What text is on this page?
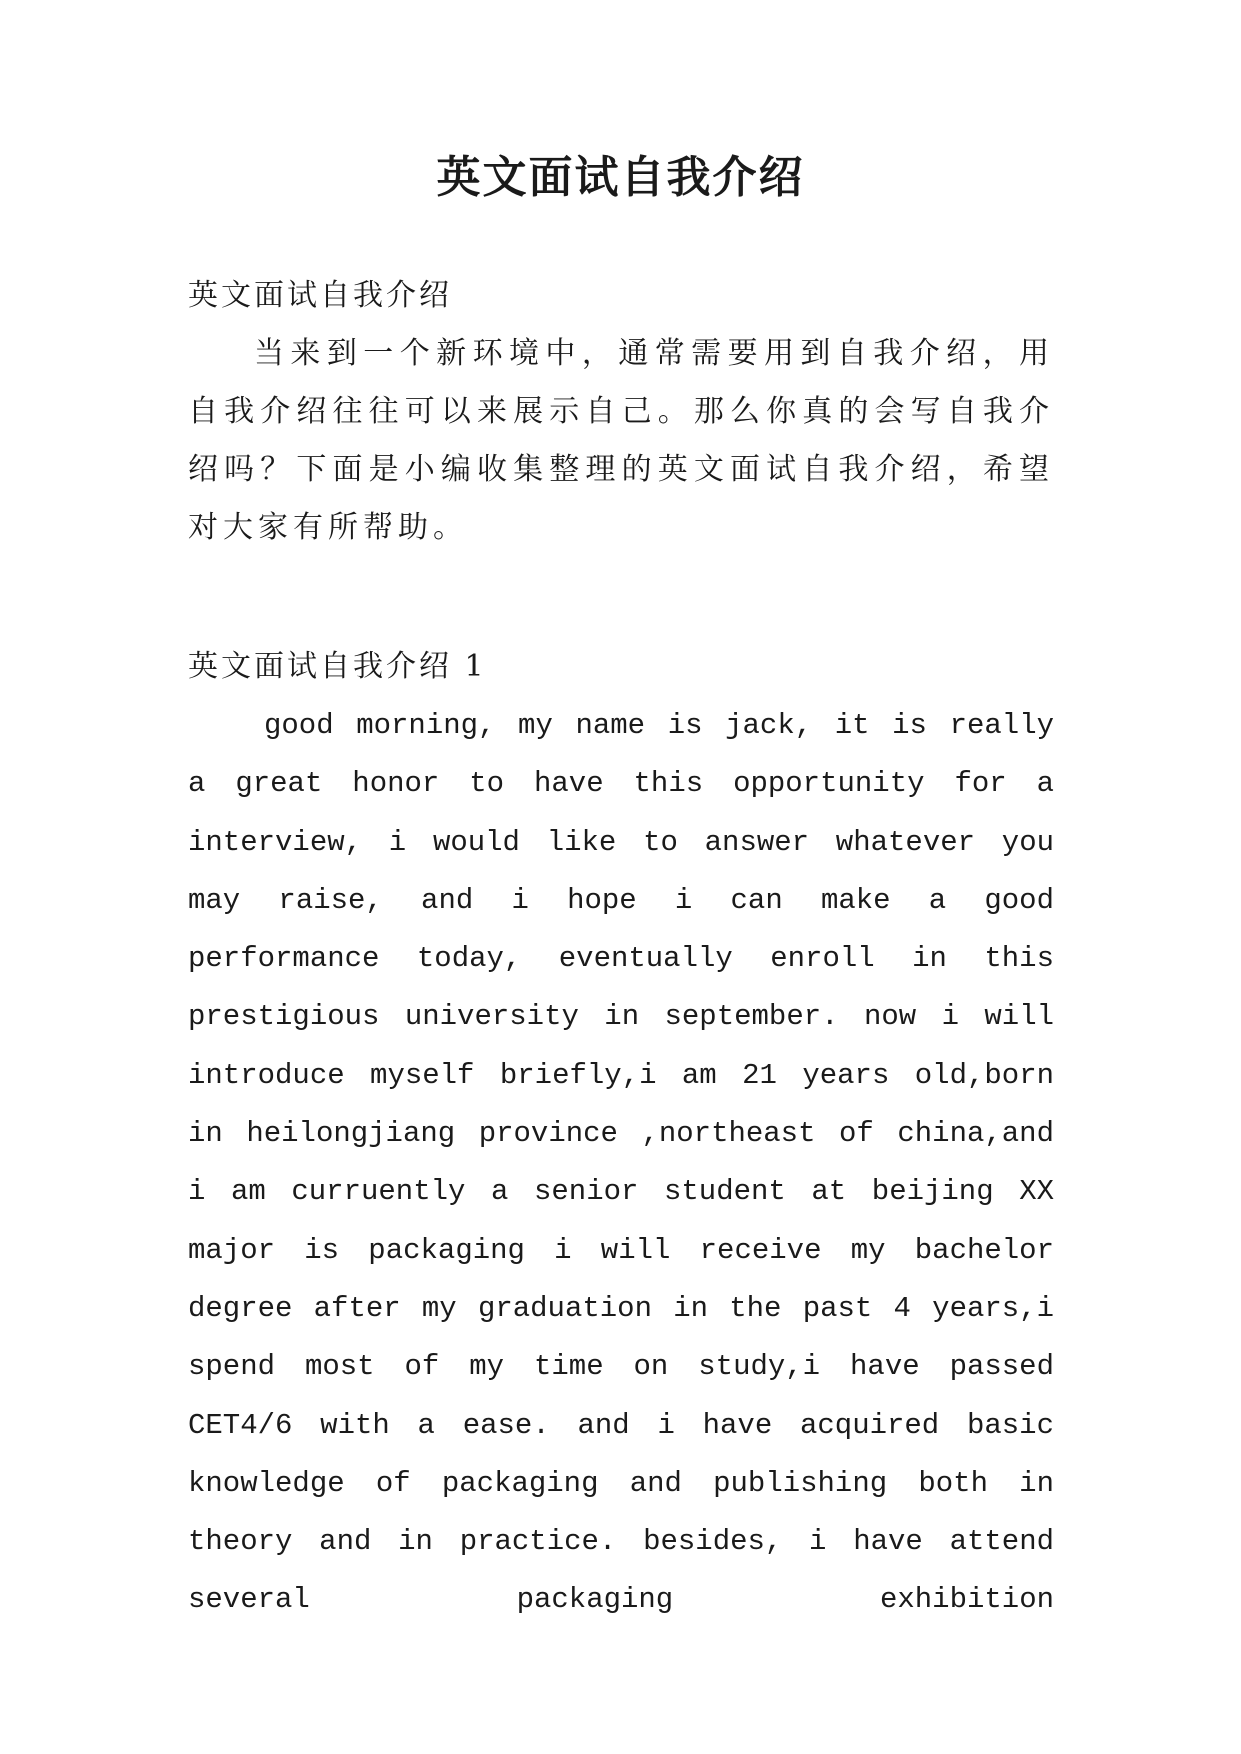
英文面试自我介绍

英文面试自我介绍

当来到一个新环境中，通常需要用到自我介绍，用自我介绍往往可以来展示自己。那么你真的会写自我介绍吗？下面是小编收集整理的英文面试自我介绍，希望对大家有所帮助。

英文面试自我介绍 1

good morning, my name is jack, it is really a great honor to have this opportunity for a interview, i would like to answer whatever you may raise, and i hope i can make a good performance today, eventually enroll in this prestigious university in september. now i will introduce myself briefly,i am 21 years old,born in heilongjiang province ,northeast of china,and i am curruently a senior student at beijing XX major is packaging i will receive my bachelor degree after my graduation in the past 4 years,i spend most of my time on study,i have passed CET4/6 with a ease. and i have acquired basic knowledge of packaging and publishing both in theory and in practice. besides, i have attend several packaging exhibition
